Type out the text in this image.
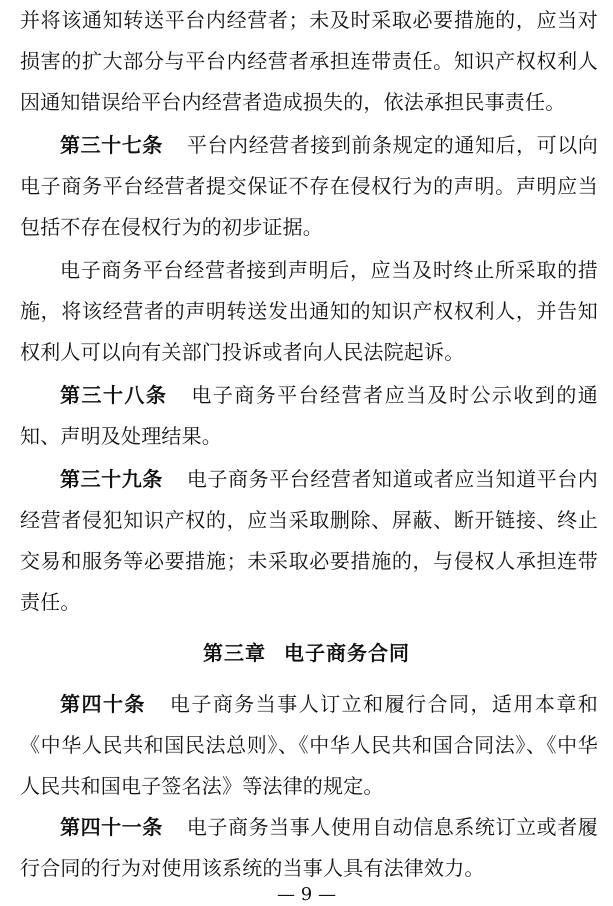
并将该通知转送平台内经营者；未及时采取必要措施的，应当对
损害的扩大部分与平台内经营者承担连带责任。知识产权权利人
因通知错误给平台内经营者造成损失的，依法承担民事责任。
第三十七条 平台内经营者接到前条规定的通知后，可以向
电子商务平台经营者提交保证不存在侵权行为的声明。声明应当
包括不存在侵权行为的初步证据。
电子商务平台经营者接到声明后，应当及时终止所采取的措
施，将该经营者的声明转送发出通知的知识产权权利人，并告知
权利人可以向有关部门投诉或者向人民法院起诉。
第三十八条 电子商务平台经营者应当及时公示收到的通
知、声明及处理结果。
第三十九条 电子商务平台经营者知道或者应当知道平台内
经营者侵犯知识产权的，应当采取删除、屏蔽、断开链接、终止
交易和服务等必要措施；未采取必要措施的，与侵权人承担连带
责任。
第三章 电子商务合同
第四十条 电子商务当事人订立和履行合同，适用本章和
《中华人民共和国民法总则》、《中华人民共和国合同法》、《中华
人民共和国电子签名法》等法律的规定。
第四十一条 电子商务当事人使用自动信息系统订立或者履
行合同的行为对使用该系统的当事人具有法律效力。
— 9 —
